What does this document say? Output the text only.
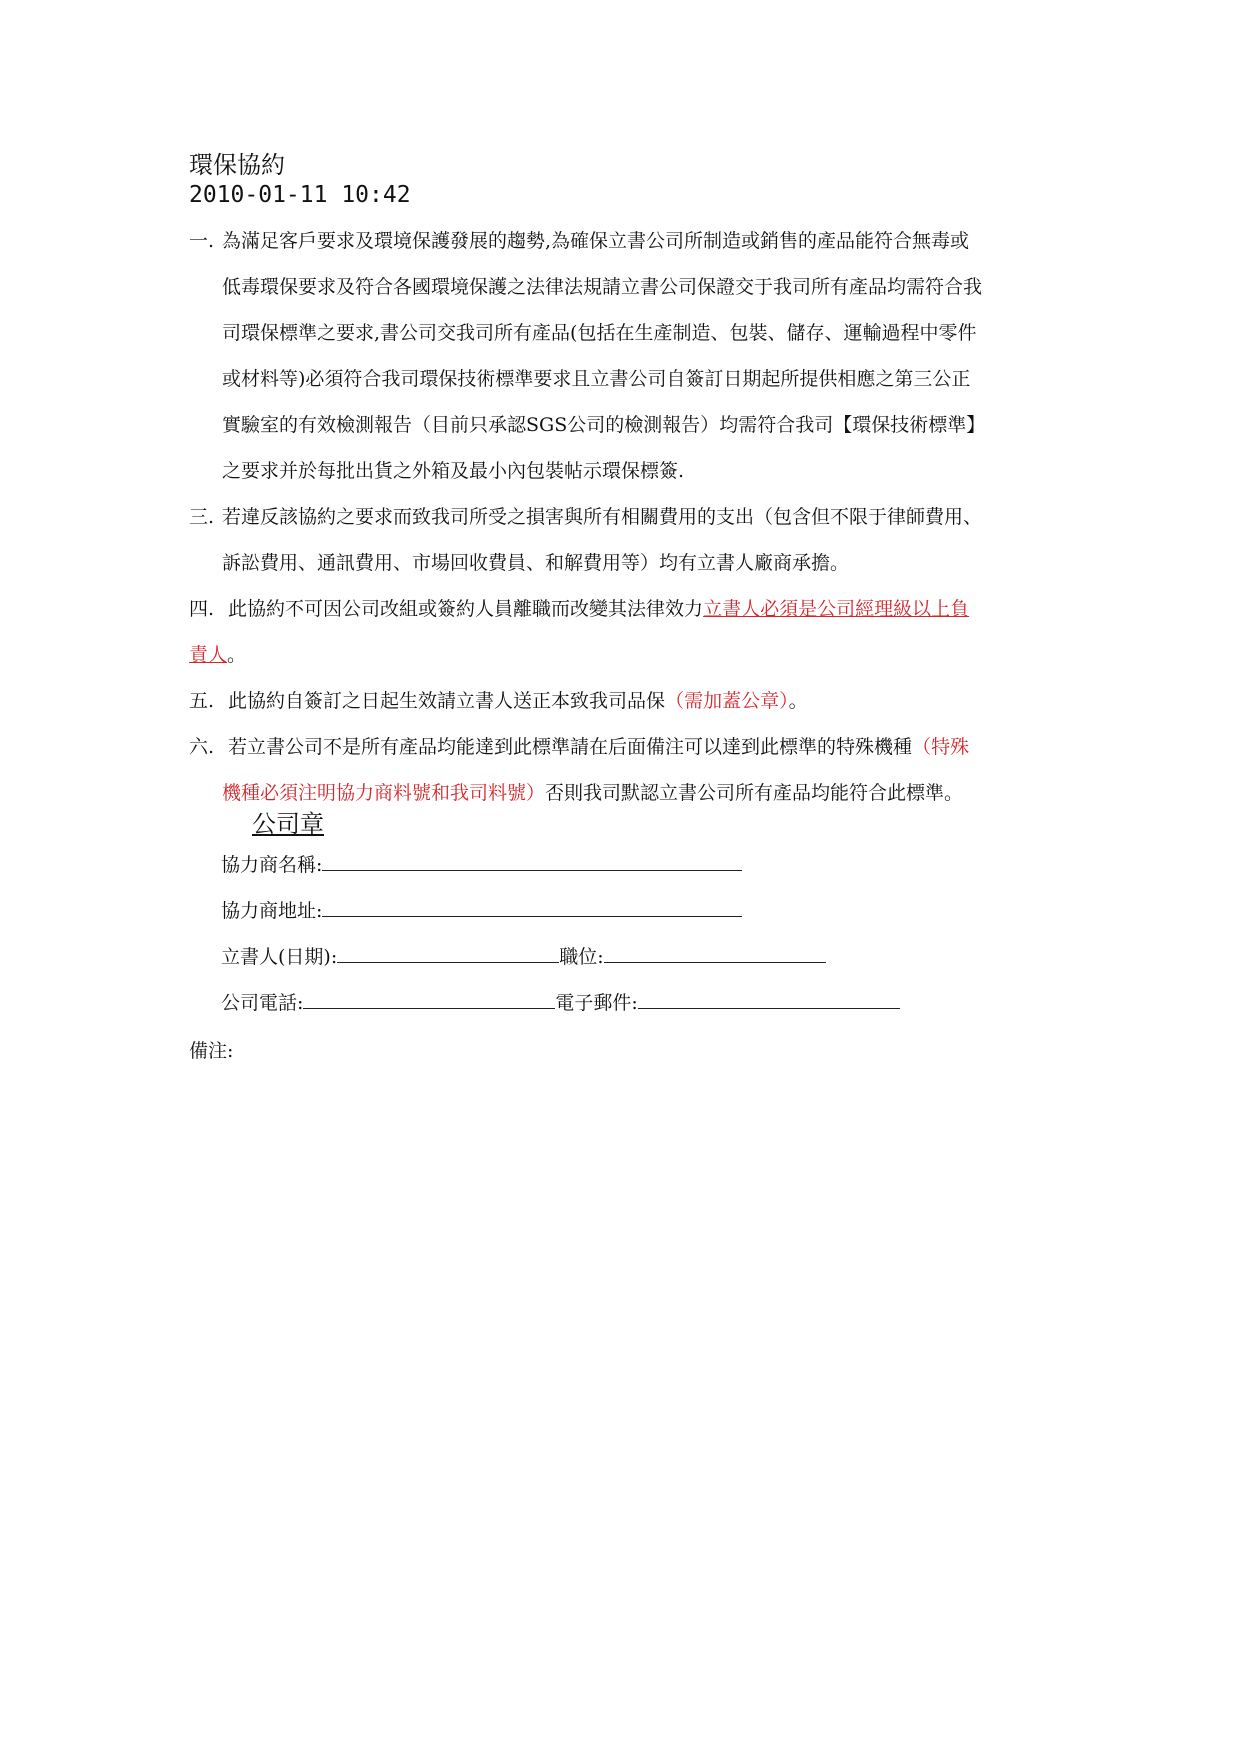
環保協約
2010-01-11 10:42
一. 為滿足客戶要求及環境保護發展的趨勢,為確保立書公司所制造或銷售的產品能符合無毒或
低毒環保要求及符合各國環境保護之法律法規請立書公司保證交于我司所有產品均需符合我
司環保標準之要求,書公司交我司所有產品(包括在生產制造、包裝、儲存、運輸過程中零件
或材料等)必須符合我司環保技術標準要求且立書公司自簽訂日期起所提供相應之第三公正
實驗室的有效檢測報告（目前只承認SGS公司的檢測報告）均需符合我司【環保技術標準】
之要求并於每批出貨之外箱及最小內包裝帖示環保標簽.
三. 若違反該協約之要求而致我司所受之損害與所有相關費用的支出（包含但不限于律師費用、
訴訟費用、通訊費用、市場回收費員、和解費用等）均有立書人廠商承擔。
四. 此協約不可因公司改組或簽約人員離職而改變其法律效力立書人必須是公司經理級以上負
責人。
五. 此協約自簽訂之日起生效請立書人送正本致我司品保（需加蓋公章）。
六. 若立書公司不是所有產品均能達到此標準請在后面備注可以達到此標準的特殊機種（特殊
機種必須注明協力商料號和我司料號）否則我司默認立書公司所有產品均能符合此標準。
公司章
協力商名稱:
協力商地址:
立書人(日期):	職位:
公司電話:	電子郵件:
備注:
